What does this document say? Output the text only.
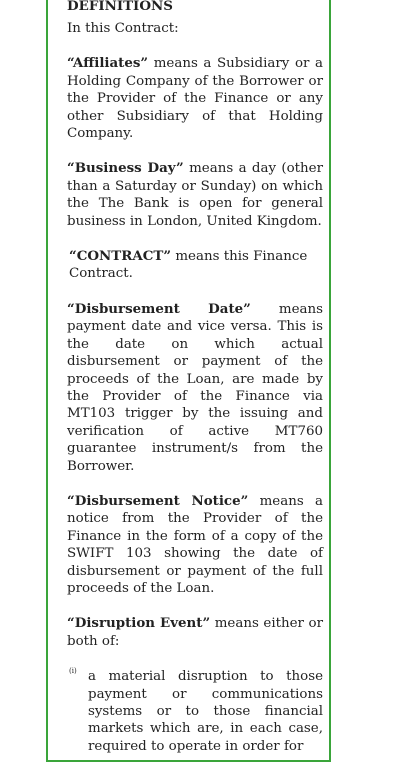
DEFINITIONS

In this Contract:

“Affiliates” means a Subsidiary or a Holding Company of the Borrower or the Provider of the Finance or any other Subsidiary of that Holding Company.

“Business Day” means a day (other than a Saturday or Sunday) on which the The Bank is open for general business in London, United Kingdom.

“CONTRACT” means this Finance Contract.

“Disbursement Date” means payment date and vice versa. This is the date on which actual disbursement or payment of the proceeds of the Loan, are made by the Provider of the Finance via MT103 trigger by the issuing and verification of active MT760 guarantee instrument/s from the Borrower.

“Disbursement Notice” means a notice from the Provider of the Finance in the form of a copy of the SWIFT 103 showing the date of disbursement or payment of the full proceeds of the Loan.

“Disruption Event” means either or both of:

(i) a material disruption to those payment or communications systems or to those financial markets which are, in each case, required to operate in order for
